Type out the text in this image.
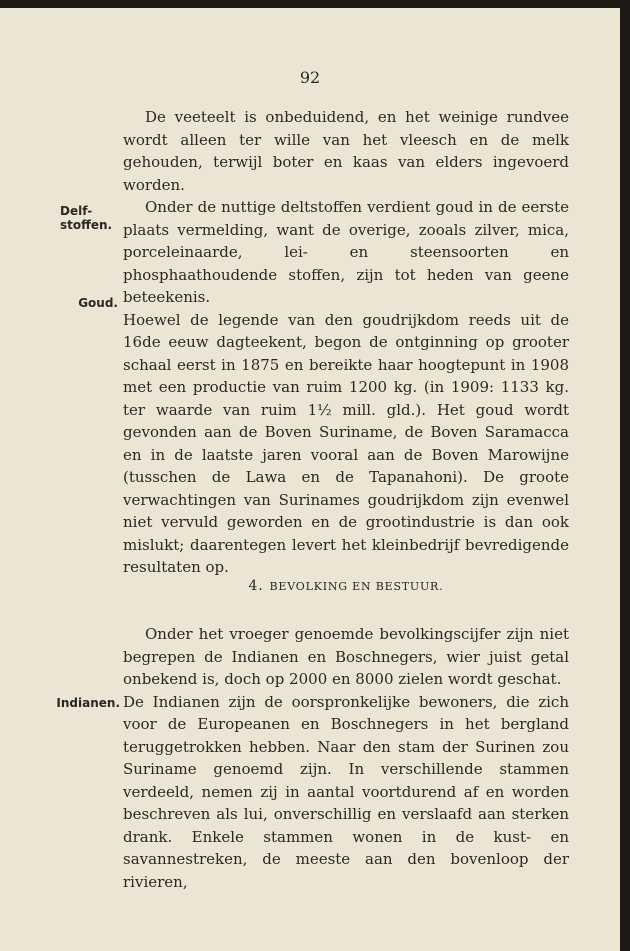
92
Delf-
stoffen.
Goud.
Indianen.

De veeteelt is onbeduidend, en het weinige rundvee wordt alleen ter wille van het vleesch en de melk gehouden, terwijl boter en kaas van elders ingevoerd worden.

Onder de nuttige deltstoffen verdient goud in de eerste plaats vermelding, want de overige, zooals zilver, mica, porceleinaarde, lei- en steensoorten en phosphaathoudende stoffen, zijn tot heden van geene beteekenis.

Hoewel de legende van den goudrijkdom reeds uit de 16de eeuw dagteekent, begon de ontginning op grooter schaal eerst in 1875 en bereikte haar hoogtepunt in 1908 met een productie van ruim 1200 kg. (in 1909: 1133 kg. ter waarde van ruim 1½ mill. gld.). Het goud wordt gevonden aan de Boven Suriname, de Boven Saramacca en in de laatste jaren vooral aan de Boven Marowijne (tusschen de Lawa en de Tapanahoni). De groote verwachtingen van Surinames goudrijkdom zijn evenwel niet vervuld geworden en de grootindustrie is dan ook mislukt; daarentegen levert het kleinbedrijf bevredigende resultaten op.

4. BEVOLKING EN BESTUUR.

Onder het vroeger genoemde bevolkingscijfer zijn niet begrepen de Indianen en Boschnegers, wier juist getal onbekend is, doch op 2000 en 8000 zielen wordt geschat.

De Indianen zijn de oorspronkelijke bewoners, die zich voor de Europeanen en Boschnegers in het bergland teruggetrokken hebben. Naar den stam der Surinen zou Suriname genoemd zijn. In verschillende stammen verdeeld, nemen zij in aantal voortdurend af en worden beschreven als lui, onverschillig en verslaafd aan sterken drank. Enkele stammen wonen in de kust- en savannestreken, de meeste aan den bovenloop der rivieren,
